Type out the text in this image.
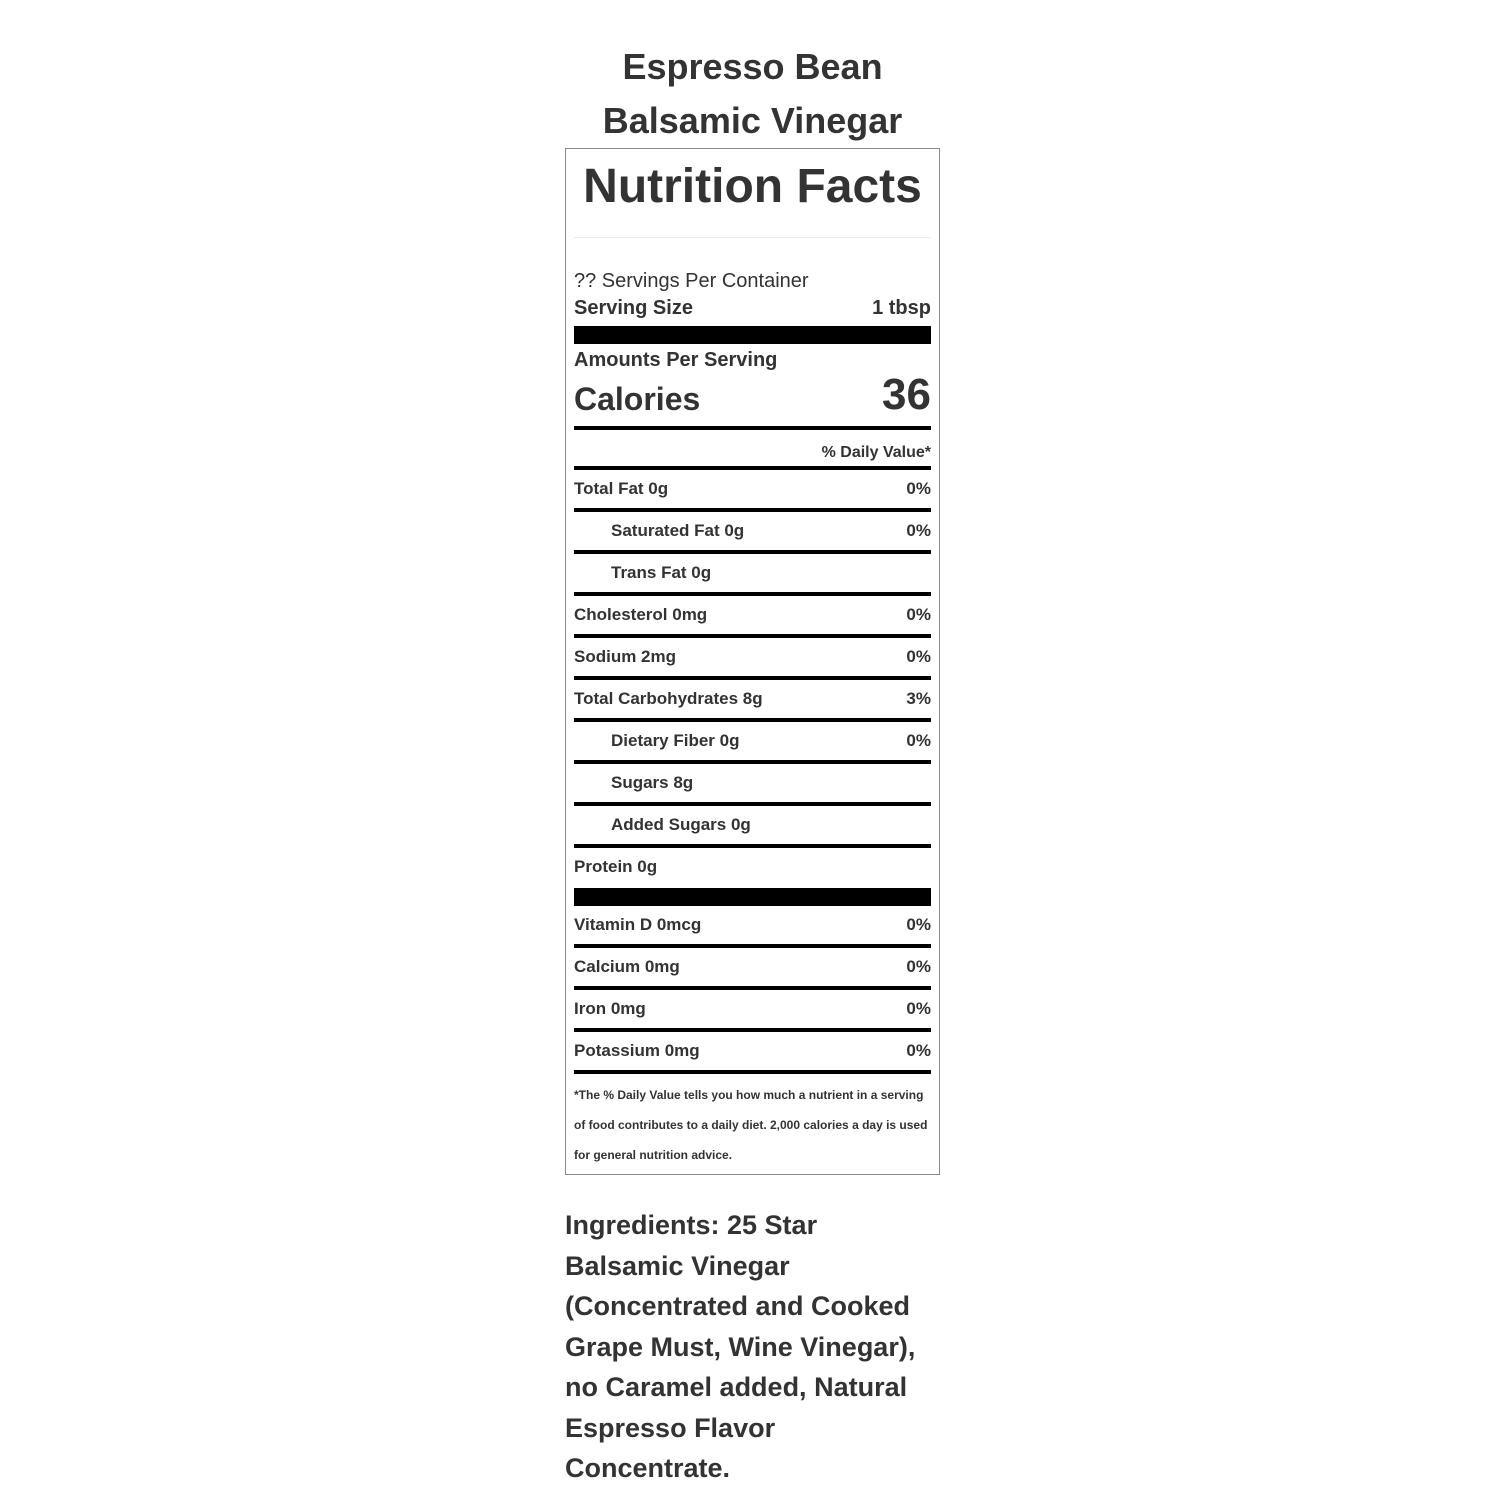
Espresso Bean
Balsamic Vinegar
Nutrition Facts
?? Servings Per Container
Serving Size	1 tbsp
Amounts Per Serving
Calories	36
% Daily Value*
Total Fat 0g	0%
Saturated Fat 0g	0%
Trans Fat 0g
Cholesterol 0mg	0%
Sodium 2mg	0%
Total Carbohydrates 8g	3%
Dietary Fiber 0g	0%
Sugars 8g
Added Sugars 0g
Protein 0g
Vitamin D 0mcg	0%
Calcium 0mg	0%
Iron 0mg	0%
Potassium 0mg	0%
*The % Daily Value tells you how much a nutrient in a serving of food contributes to a daily diet. 2,000 calories a day is used for general nutrition advice.
Ingredients: 25 Star Balsamic Vinegar (Concentrated and Cooked Grape Must, Wine Vinegar), no Caramel added, Natural Espresso Flavor Concentrate.
